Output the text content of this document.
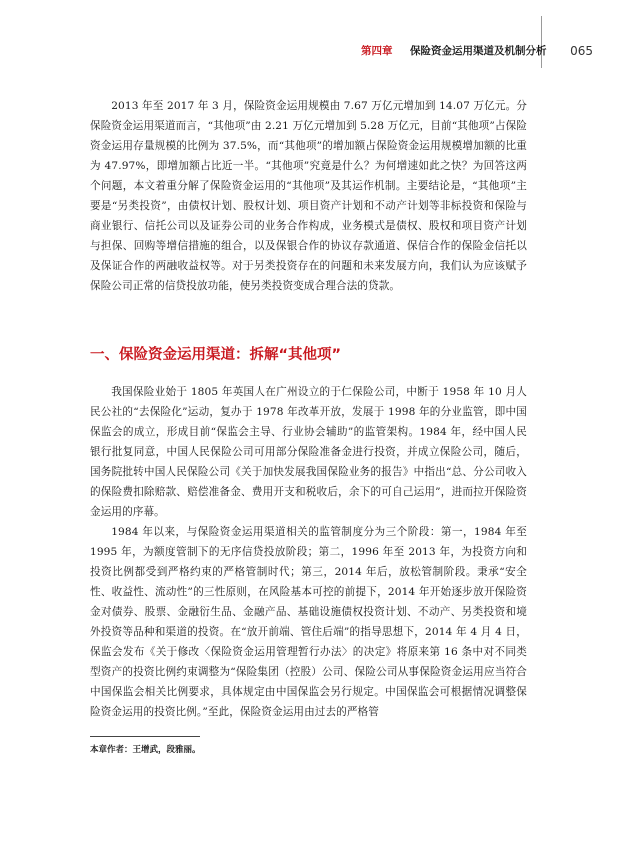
第四章 保险资金运用渠道及机制分析 065

2013 年至 2017 年 3 月，保险资金运用规模由 7.67 万亿元增加到 14.07 万亿元。分保险资金运用渠道而言，“其他项”由 2.21 万亿元增加到 5.28 万亿元，目前“其他项”占保险资金运用存量规模的比例为 37.5%，而“其他项”的增加额占保险资金运用规模增加额的比重为 47.97%，即增加额占比近一半。“其他项”究竟是什么？为何增速如此之快？为回答这两个问题，本文着重分解了保险资金运用的“其他项”及其运作机制。主要结论是，“其他项”主要是“另类投资”，由债权计划、股权计划、项目资产计划和不动产计划等非标投资和保险与商业银行、信托公司以及证券公司的业务合作构成，业务模式是债权、股权和项目资产计划与担保、回购等增信措施的组合，以及保银合作的协议存款通道、保信合作的保险金信托以及保证合作的两融收益权等。对于另类投资存在的问题和未来发展方向，我们认为应该赋予保险公司正常的信贷投放功能，使另类投资变成合理合法的贷款。

一、保险资金运用渠道：拆解“其他项”

我国保险业始于 1805 年英国人在广州设立的于仁保险公司，中断于 1958 年 10 月人民公社的“去保险化”运动，复办于 1978 年改革开放，发展于 1998 年的分业监管，即中国保监会的成立，形成目前“保监会主导、行业协会辅助”的监管架构。1984 年，经中国人民银行批复同意，中国人民保险公司可用部分保险准备金进行投资，并成立保险公司，随后，国务院批转中国人民保险公司《关于加快发展我国保险业务的报告》中指出“总、分公司收入的保险费扣除赔款、赔偿准备金、费用开支和税收后，余下的可自己运用”，进而拉开保险资金运用的序幕。

1984 年以来，与保险资金运用渠道相关的监管制度分为三个阶段：第一，1984 年至 1995 年，为额度管制下的无序信贷投放阶段；第二，1996 年至 2013 年，为投资方向和投资比例都受到严格约束的严格管制时代；第三，2014 年后，放松管制阶段。秉承“安全性、收益性、流动性”的三性原则，在风险基本可控的前提下，2014 年开始逐步放开保险资金对债券、股票、金融衍生品、金融产品、基础设施债权投资计划、不动产、另类投资和境外投资等品种和渠道的投资。在“放开前端、管住后端”的指导思想下，2014 年 4 月 4 日，保监会发布《关于修改〈保险资金运用管理暂行办法〉的决定》将原来第 16 条中对不同类型资产的投资比例约束调整为“保险集团（控股）公司、保险公司从事保险资金运用应当符合中国保监会相关比例要求，具体规定由中国保监会另行规定。中国保监会可根据情况调整保险资金运用的投资比例。”至此，保险资金运用由过去的严格管

本章作者：王增武，段雅丽。
